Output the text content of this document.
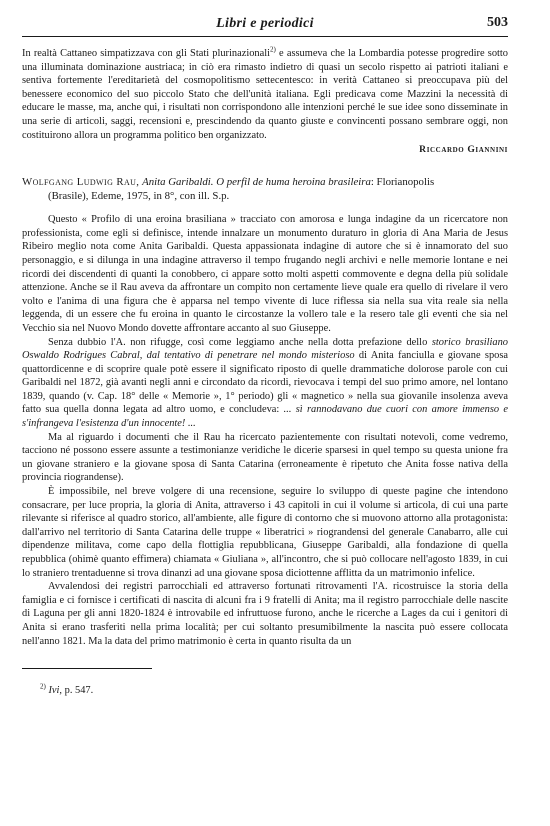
Libri e periodici	503
In realtà Cattaneo simpatizzava con gli Stati plurinazionali$^{2)}$ e assumeva che la Lombardia potesse progredire sotto una illuminata dominazione austriaca; in ciò era rimasto indietro di quasi un secolo rispetto ai patrioti italiani e sentiva fortemente l'ereditarietà del cosmopolitismo settecentesco: in verità Cattaneo si preoccupava più del benessere economico del suo piccolo Stato che dell'unità italiana. Egli predicava come Mazzini la necessità di educare le masse, ma, anche qui, i risultati non corrispondono alle intenzioni perché le sue idee sono disseminate in una serie di articoli, saggi, recensioni e, prescindendo da quanto giuste e convincenti possano sembrare oggi, non costituirono allora un programma politico ben organizzato.
Riccardo Giannini
Wolfgang Ludwig Rau, Anita Garibaldi. O perfil de huma heroina brasileira: Florianopolis
(Brasile), Edeme, 1975, in 8°, con ill. S.p.

Questo « Profilo di una eroina brasiliana » tracciato con amorosa e lunga indagine da un ricercatore non professionista, come egli si definisce, intende innalzare un monumento duraturo in gloria di Ana Maria de Jesus Ribeiro meglio nota come Anita Garibaldi. Questa appassionata indagine di autore che si è innamorato del suo personaggio, e si dilunga in una indagine attraverso il tempo frugando negli archivi e nelle memorie lontane e nei ricordi dei discendenti di quanti la conobbero, ci appare sotto molti aspetti commovente e degna della più solidale attenzione. Anche se il Rau aveva da affrontare un compito non certamente lieve quale era quello di rivelare il vero volto e l'anima di una figura che è apparsa nel tempo vivente di luce riflessa sia nella sua vita reale sia nella leggenda, di un essere che fu eroina in quanto le circostanze la vollero tale e la resero tale gli eventi che sia nel Vecchio sia nel Nuovo Mondo dovette affrontare accanto al suo Giuseppe.

Senza dubbio l'A. non rifugge, così come leggiamo anche nella dotta prefazione dello storico brasiliano Oswaldo Rodrigues Cabral, dal tentativo di penetrare nel mondo misterioso di Anita fanciulla e giovane sposa quattordicenne e di scoprire quale potè essere il significato riposto di quelle drammatiche dolorose parole con cui Garibaldi nel 1872, già avanti negli anni e circondato da ricordi, rievocava i tempi del suo primo amore, nel lontano 1839, quando (v. Cap. 18° delle « Memorie », 1° periodo) gli « magnetico » nella sua giovanile insolenza aveva fatto sua quella donna legata ad altro uomo, e concludeva: ... sì rannodavano due cuori con amore immenso e s'infrangeva l'esistenza d'un innocente! ...

Ma al riguardo i documenti che il Rau ha ricercato pazientemente con risultati notevoli, come vedremo, tacciono né possono essere assunte a testimonianze veridiche le dicerie sparsesi in quel tempo su questa unione fra un giovane straniero e la giovane sposa di Santa Catarina (erroneamente è ripetuto che Anita fosse nativa della provincia riograndense).

È impossibile, nel breve volgere di una recensione, seguire lo sviluppo di queste pagine che intendono consacrare, per luce propria, la gloria di Anita, attraverso i 43 capitoli in cui il volume si articola, di cui una parte rilevante si riferisce al quadro storico, all'ambiente, alle figure di contorno che si muovono attorno alla protagonista: dall'arrivo nel territorio di Santa Catarina delle truppe « liberatrici » riograndensi del generale Canabarro, alle cui dipendenze militava, come capo della flottiglia repubblicana, Giuseppe Garibaldi, alla fondazione di quella repubblica (ohimè quanto effimera) chiamata « Giuliana », all'incontro, che si può collocare nell'agosto 1839, in cui lo straniero trentaduenne si trova dinanzi ad una giovane sposa diciottenne afflitta da un matrimonio infelice.

Avvalendosi dei registri parrocchiali ed attraverso fortunati ritrovamenti l'A. ricostruisce la storia della famiglia e ci fornisce i certificati di nascita di alcuni fra i 9 fratelli di Anita; ma il registro parrocchiale delle nascite di Laguna per gli anni 1820-1824 è introvabile ed infruttuose furono, anche le ricerche a Lages da cui i genitori di Anita si erano trasferiti nella prima località; per cui soltanto presumibilmente la nascita può essere collocata nell'anno 1821. Ma la data del primo matrimonio è certa in quanto risulta da un

$^{2)}$ Ivi, p. 547.
